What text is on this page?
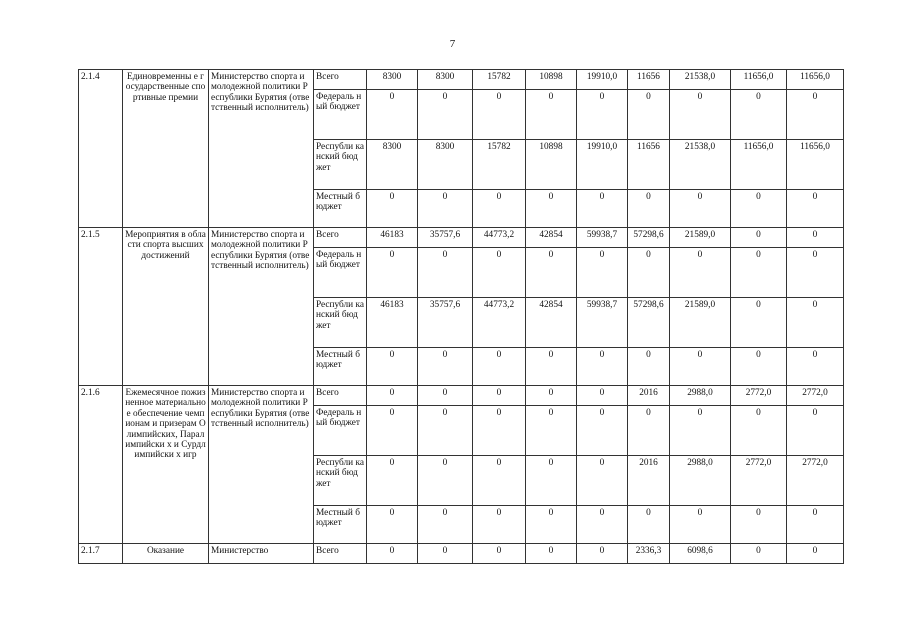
7
2.1.4	Единовременны е государственные спортивные премии	Министерство спорта и молодежной политики Республики Бурятия (ответственный исполнитель)	Всего	8300	8300	15782	10898	19910,0	11656	21538,0	11656,0	11656,0
			Федераль ный бюджет	0	0	0	0	0	0	0	0	0
			Республи канский бюджет	8300	8300	15782	10898	19910,0	11656	21538,0	11656,0	11656,0
			Местный бюджет	0	0	0	0	0	0	0	0	0
2.1.5	Мероприятия в области спорта высших достижений	Министерство спорта и молодежной политики Республики Бурятия (ответственный исполнитель)	Всего	46183	35757,6	44773,2	42854	59938,7	57298,6	21589,0	0	0
			Федераль ный бюджет	0	0	0	0	0	0	0	0	0
			Республи канский бюджет	46183	35757,6	44773,2	42854	59938,7	57298,6	21589,0	0	0
			Местный бюджет	0	0	0	0	0	0	0	0	0
2.1.6	Ежемесячное пожизненное материальное обеспечение чемпионам и призерам Олимпийских, Паралимпийски х и Сурдлимпийски х игр	Министерство спорта и молодежной политики Республики Бурятия (ответственный исполнитель)	Всего	0	0	0	0	0	2016	2988,0	2772,0	2772,0
			Федераль ный бюджет	0	0	0	0	0	0	0	0	0
			Республи канский бюджет	0	0	0	0	0	2016	2988,0	2772,0	2772,0
			Местный бюджет	0	0	0	0	0	0	0	0	0
2.1.7	Оказание	Министерство	Всего	0	0	0	0	0	2336,3	6098,6	0	0
